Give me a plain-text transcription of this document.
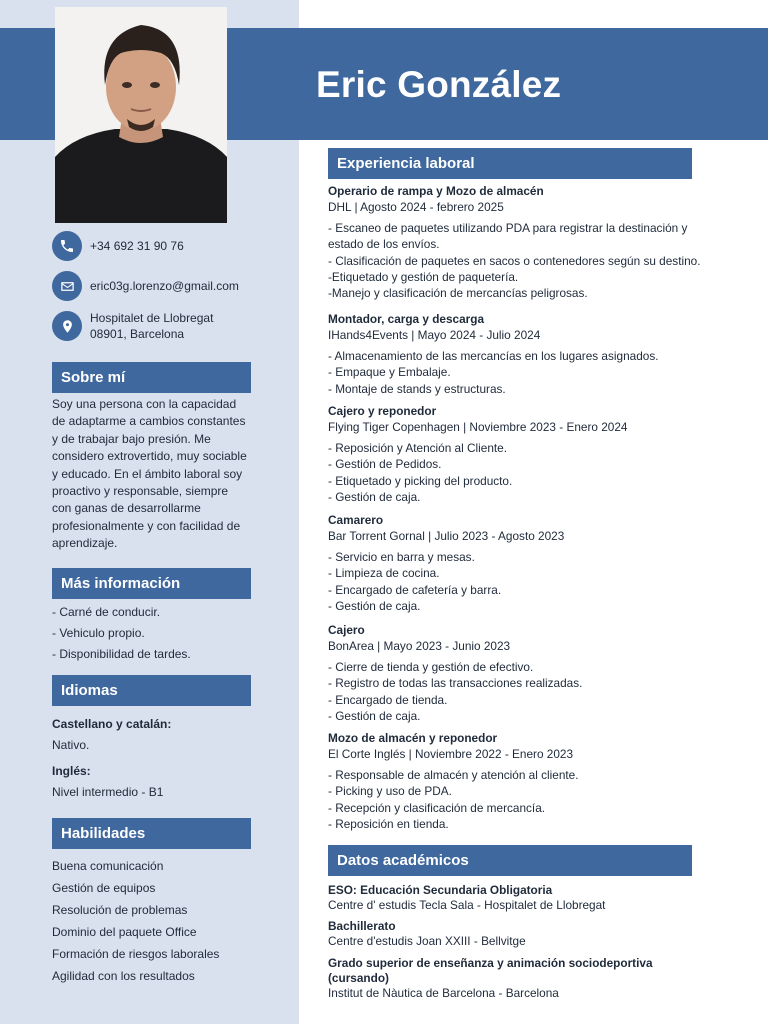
Eric González
+34 692 31 90 76
eric03g.lorenzo@gmail.com
Hospitalet de Llobregat
08901, Barcelona
Sobre mí
Soy una persona con la capacidad
de adaptarme a cambios constantes
y de trabajar bajo presión. Me
considero extrovertido, muy sociable
y educado. En el ámbito laboral soy
proactivo y responsable, siempre
con ganas de desarrollarme
profesionalmente y con facilidad de
aprendizaje.
Más información
- Carné de conducir.
- Vehiculo propio.
- Disponibilidad de tardes.
Idiomas
Castellano y catalán:
Nativo.
Inglés:
Nivel intermedio - B1
Habilidades
Buena comunicación
Gestión de equipos
Resolución de problemas
Dominio del paquete Office
Formación de riesgos laborales
Agilidad con los resultados
Experiencia laboral
Operario de rampa y Mozo de almacén
DHL | Agosto 2024 - febrero 2025
- Escaneo de paquetes utilizando PDA para registrar la destinación y
estado de los envíos.
- Clasificación de paquetes en sacos o contenedores según su destino.
-Etiquetado y gestión de paquetería.
-Manejo y clasificación de mercancías peligrosas.
Montador, carga y descarga
IHands4Events | Mayo 2024 - Julio 2024
- Almacenamiento de las mercancías en los lugares asignados.
- Empaque y Embalaje.
- Montaje de stands y estructuras.
Cajero y reponedor
Flying Tiger Copenhagen | Noviembre 2023 - Enero 2024
- Reposición y Atención al Cliente.
- Gestión de Pedidos.
- Etiquetado y picking del producto.
- Gestión de caja.
Camarero
Bar Torrent Gornal | Julio 2023 - Agosto 2023
- Servicio en barra y mesas.
- Limpieza de cocina.
- Encargado de cafetería y barra.
- Gestión de caja.
Cajero
BonArea | Mayo 2023 - Junio 2023
- Cierre de tienda y gestión de efectivo.
- Registro de todas las transacciones realizadas.
- Encargado de tienda.
- Gestión de caja.
Mozo de almacén y reponedor
El Corte Inglés | Noviembre 2022 - Enero 2023
- Responsable de almacén y atención al cliente.
- Picking y uso de PDA.
- Recepción y clasificación de mercancía.
- Reposición en tienda.
Datos académicos
ESO: Educación Secundaria Obligatoria
Centre d' estudis Tecla Sala - Hospitalet de Llobregat
Bachillerato
Centre d'estudis Joan XXIII - Bellvitge
Grado superior de enseñanza y animación sociodeportiva
(cursando)
Institut de Nàutica de Barcelona - Barcelona
